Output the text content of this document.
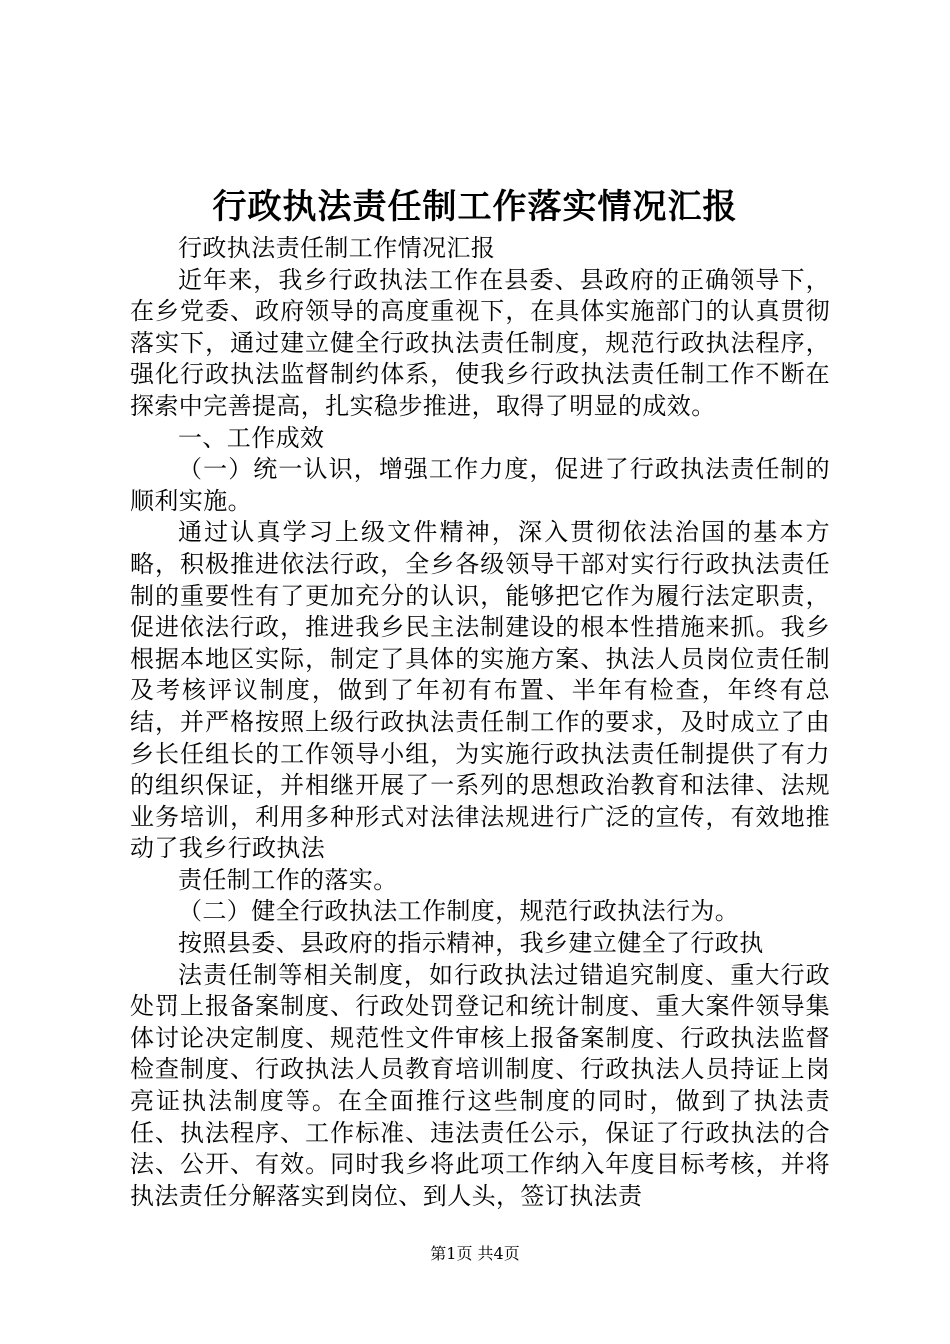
行政执法责任制工作落实情况汇报

行政执法责任制工作情况汇报

近年来，我乡行政执法工作在县委、县政府的正确领导下，在乡党委、政府领导的高度重视下，在具体实施部门的认真贯彻落实下，通过建立健全行政执法责任制度，规范行政执法程序，强化行政执法监督制约体系，使我乡行政执法责任制工作不断在探索中完善提高，扎实稳步推进，取得了明显的成效。

一、工作成效

（一）统一认识，增强工作力度，促进了行政执法责任制的顺利实施。

通过认真学习上级文件精神，深入贯彻依法治国的基本方略，积极推进依法行政，全乡各级领导干部对实行行政执法责任制的重要性有了更加充分的认识，能够把它作为履行法定职责，促进依法行政，推进我乡民主法制建设的根本性措施来抓。我乡根据本地区实际，制定了具体的实施方案、执法人员岗位责任制及考核评议制度，做到了年初有布置、半年有检查，年终有总结，并严格按照上级行政执法责任制工作的要求，及时成立了由乡长任组长的工作领导小组，为实施行政执法责任制提供了有力的组织保证，并相继开展了一系列的思想政治教育和法律、法规业务培训，利用多种形式对法律法规进行广泛的宣传，有效地推动了我乡行政执法

责任制工作的落实。

（二）健全行政执法工作制度，规范行政执法行为。

按照县委、县政府的指示精神，我乡建立健全了行政执

法责任制等相关制度，如行政执法过错追究制度、重大行政处罚上报备案制度、行政处罚登记和统计制度、重大案件领导集体讨论决定制度、规范性文件审核上报备案制度、行政执法监督检查制度、行政执法人员教育培训制度、行政执法人员持证上岗亮证执法制度等。在全面推行这些制度的同时，做到了执法责任、执法程序、工作标准、违法责任公示，保证了行政执法的合法、公开、有效。同时我乡将此项工作纳入年度目标考核，并将执法责任分解落实到岗位、到人头，签订执法责

第1页 共4页
